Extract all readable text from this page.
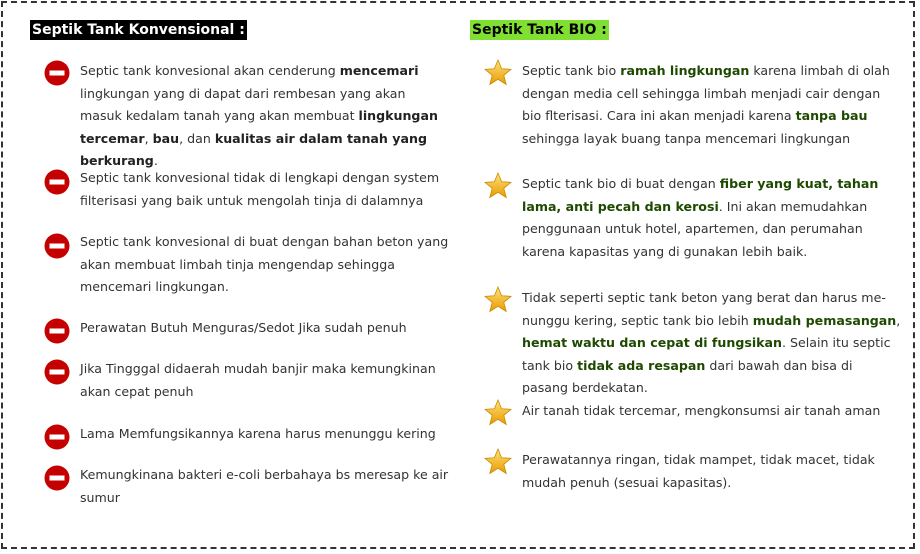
Septik Tank Konvensional :
Septic tank konvesional akan cenderung mencemari lingkungan yang di dapat dari rembesan yang akan masuk kedalam tanah yang akan membuat lingkungan tercemar, bau, dan kualitas air dalam tanah yang berkurang.
Septic tank konvesional tidak di lengkapi dengan system filterisasi yang baik untuk mengolah tinja di dalamnya
Septic tank konvesional di buat dengan bahan beton yang akan membuat limbah tinja mengendap sehingga mencemari lingkungan.
Perawatan Butuh Menguras/Sedot Jika sudah penuh
Jika Tingggal didaerah mudah banjir maka kemungkinan akan cepat penuh
Lama Memfungsikannya karena harus menunggu kering
Kemungkinana bakteri e-coli berbahaya bs meresap ke air sumur
Septik Tank BIO :
Septic tank bio ramah lingkungan karena limbah di olah dengan media cell sehingga limbah menjadi cair dengan bio flterisasi. Cara ini akan menjadi karena tanpa bau sehingga layak buang tanpa mencemari lingkungan
Septic tank bio di buat dengan fiber yang kuat, tahan lama, anti pecah dan kerosi. Ini akan memudahkan penggunaan untuk hotel, apartemen, dan perumahan karena kapasitas yang di gunakan lebih baik.
Tidak seperti septic tank beton yang berat dan harus menunggu kering, septic tank bio lebih mudah pemasangan, hemat waktu dan cepat di fungsikan. Selain itu septic tank bio tidak ada resapan dari bawah dan bisa di pasang berdekatan.
Air tanah tidak tercemar, mengkonsumsi air tanah aman
Perawatannya ringan, tidak mampet, tidak macet, tidak mudah penuh (sesuai kapasitas).
